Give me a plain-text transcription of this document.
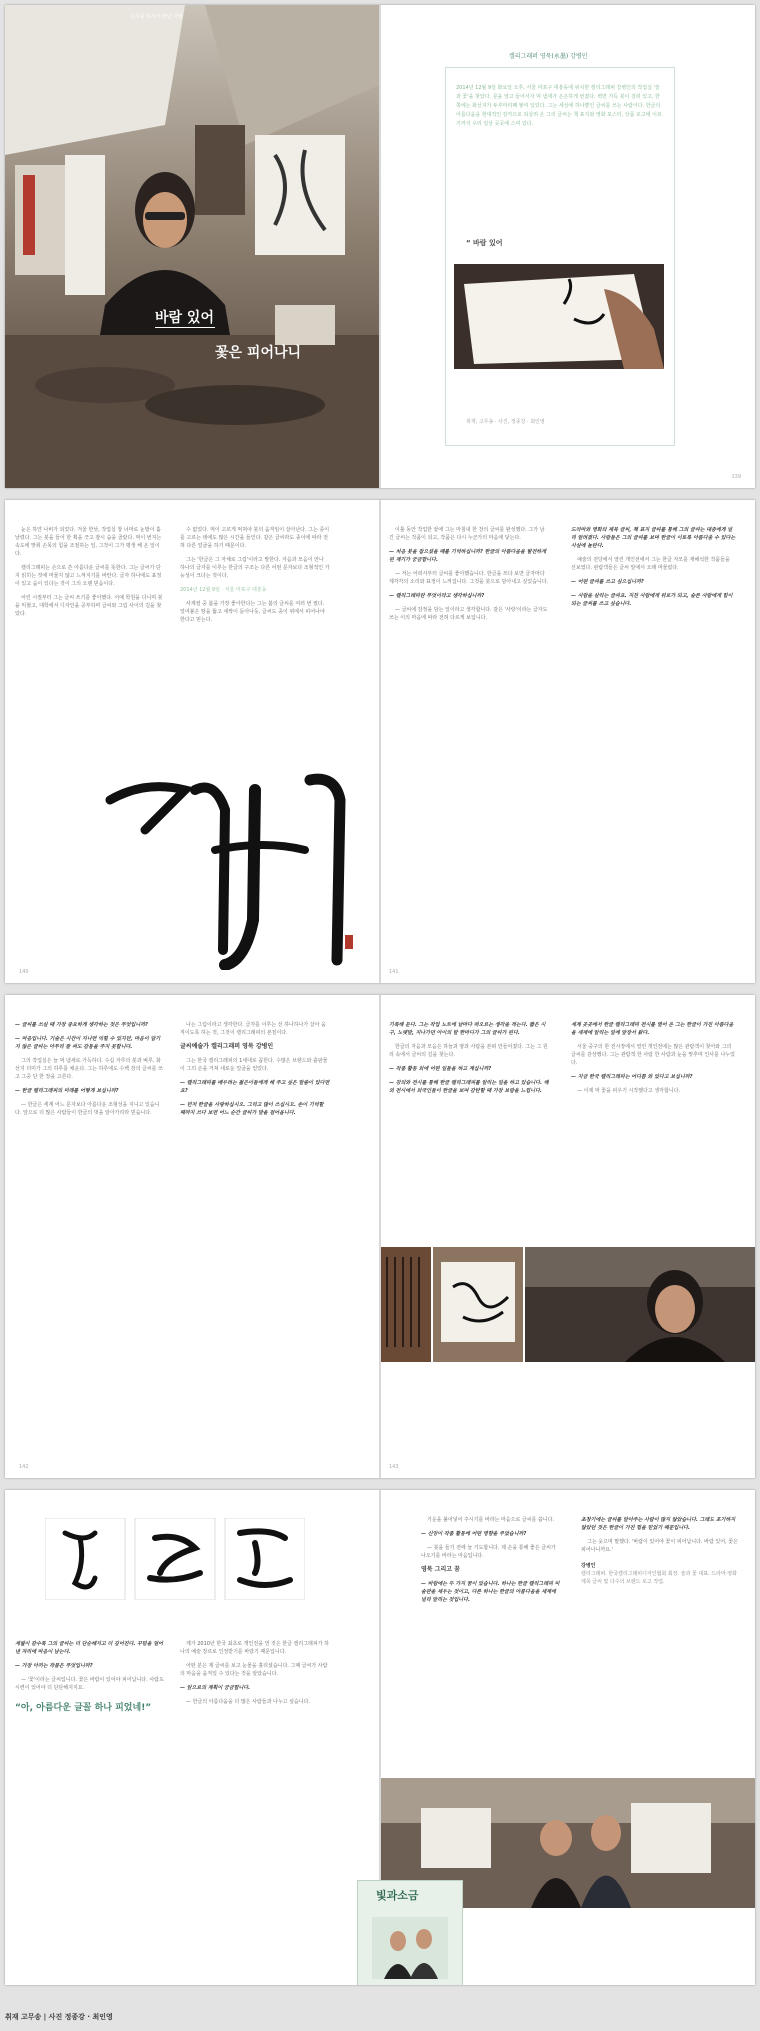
고무송 목사가 만난 사람
바람 있어
꽃은 피어나니
캘리그래퍼 영묵(永墨) 강병인
2014년 12월 9일 화요일 오후, 서울 마포구 대흥동에 위치한 캘리그래퍼 강병인의 작업실 '술과 꽃'을 찾았다. 문을 열고 들어서자 먹 냄새가 은은하게 번졌다. 벽면 가득 붓이 걸려 있고, 한쪽에는 화선지가 두루마리째 쌓여 있었다. 그는 세상에 하나뿐인 글씨를 쓰는 사람이다. 한글의 아름다움을 현대적인 감각으로 되살려 온 그의 글씨는 책 표지와 영화 포스터, 상품 로고에 이르기까지 우리 일상 곳곳에 스며 있다.
“ 바람 있어
취재, 고무송 · 사진, 정종강 · 최인영
139

눈은 하얀 나비가 되었다. 겨울 한낮, 작업실 창 너머로 눈발이 흩날렸다. 그는 붓을 들어 한 획을 긋고 잠시 숨을 골랐다. 먹이 번지는 속도에 맞춰 손목의 힘을 조절하는 일, 그것이 그가 평생 해 온 일이다.

캘리그래피는 손으로 쓴 아름다운 글씨를 뜻한다. 그는 글씨가 단지 읽히는 것에 머물지 않고 느껴지기를 바란다. 글자 하나에도 표정이 있고 숨이 있다는 것이 그의 오랜 믿음이다.

어린 시절부터 그는 글씨 쓰기를 좋아했다. 서예 학원을 다니며 붓을 익혔고, 대학에서 디자인을 공부하며 글씨와 그림 사이의 길을 찾았다.

수 없었다. 먹이 고르게 먹혀야 붓의 움직임이 살아난다. 그는 종이를 고르는 데에도 많은 시간을 들인다. 같은 글씨라도 종이에 따라 전혀 다른 얼굴을 하기 때문이다.

그는 '한글은 그 자체로 그림'이라고 말한다. 자음과 모음이 만나 하나의 글자를 이루는 한글의 구조는 다른 어떤 문자보다 조형적인 가능성이 크다는 것이다.

2014년 12월 9일 · 서울 마포구 대흥동

사계절 중 봄을 가장 좋아한다는 그는 봄의 글씨를 여러 번 썼다. 얼어붙은 땅을 뚫고 새싹이 돋아나듯, 글씨도 종이 위에서 피어나야 한다고 믿는다.

140

이틀 동안 작업한 끝에 그는 마침내 한 장의 글씨를 완성했다. 그가 남긴 글씨는 작품이 되고, 작품은 다시 누군가의 마음에 닿는다.

— 처음 붓을 잡으셨을 때를 기억하십니까? 한글의 아름다움을 발견하게 된 계기가 궁금합니다.

— 저는 어려서부터 글씨를 좋아했습니다. 한글을 쓰다 보면 글자마다 제각각의 소리와 표정이 느껴집니다. 그것을 붓으로 담아내고 싶었습니다.

— 캘리그래피란 무엇이라고 생각하십니까?

— 글씨에 감정을 담는 일이라고 생각합니다. 같은 '사랑'이라는 글자도 쓰는 이의 마음에 따라 전혀 다르게 보입니다.

드라마와 영화의 제목 글씨, 책 표지 글씨를 통해 그의 글씨는 대중에게 널리 알려졌다. 사람들은 그의 글씨를 보며 한글이 이토록 아름다울 수 있다는 사실에 놀란다.

예술의 전당에서 열린 개인전에서 그는 한글 자모를 재해석한 작품들을 선보였다. 관람객들은 글씨 앞에서 오래 머물렀다.

— 어떤 글씨를 쓰고 싶으십니까?

— 사람을 살리는 글씨요. 지친 사람에게 위로가 되고, 슬픈 사람에게 힘이 되는 글씨를 쓰고 싶습니다.

141

— 글씨를 쓰실 때 가장 중요하게 생각하는 것은 무엇입니까?

— 마음입니다. 기술은 시간이 지나면 익힐 수 있지만, 마음이 담기지 않은 글씨는 아무리 잘 써도 감동을 주지 못합니다.

그의 작업실은 늘 먹 냄새로 가득하다. 수십 자루의 붓과 벼루, 화선지 더미가 그의 하루를 채운다. 그는 하루에도 수백 장의 글씨를 쓰고 그중 단 한 장을 고른다.

— 한글 캘리그래피의 미래를 어떻게 보십니까?

— 한글은 세계 어느 문자보다 아름다운 조형성을 지니고 있습니다. 앞으로 더 많은 사람들이 한글의 멋을 알아가리라 믿습니다.

나는 그림이라고 생각한다. 글자를 이루는 선 하나하나가 살아 움직이도록 하는 것, 그것이 캘리그래피의 본질이다.

글씨예술가 캘리그래퍼 영묵 강병인

그는 한국 캘리그래피의 1세대로 꼽힌다. 수많은 브랜드와 출판물이 그의 손을 거쳐 새로운 얼굴을 얻었다.

— 캘리그래피를 배우려는 젊은이들에게 해 주고 싶은 말씀이 있다면요?

— 먼저 한글을 사랑하십시오. 그리고 많이 쓰십시오. 손이 기억할 때까지 쓰다 보면 어느 순간 글씨가 말을 걸어옵니다.

142

기록해 둔다. 그는 작업 노트에 날마다 떠오르는 생각을 적는다. 짧은 시구, 노랫말, 지나가던 아이의 말 한마디가 그의 글씨가 된다.

한글의 자음과 모음은 하늘과 땅과 사람을 본떠 만들어졌다. 그는 그 원리 속에서 글씨의 길을 찾는다.

— 작품 활동 외에 어떤 일들을 하고 계십니까?

— 강의와 전시를 통해 한글 캘리그래피를 알리는 일을 하고 있습니다. 해외 전시에서 외국인들이 한글을 보며 감탄할 때 가장 보람을 느낍니다.

세계 곳곳에서 한글 캘리그래피 전시를 열어 온 그는 한글이 가진 아름다움을 세계에 알리는 일에 앞장서 왔다.

서울 중구의 한 전시장에서 열린 개인전에는 많은 관람객이 찾아와 그의 글씨를 감상했다. 그는 관람객 한 사람 한 사람과 눈을 맞추며 인사를 나누었다.

— 지금 한국 캘리그래피는 어디쯤 와 있다고 보십니까?

— 이제 막 꽃을 피우기 시작했다고 생각합니다.

143

세월이 갈수록 그의 글씨는 더 단순해지고 더 깊어진다. 꾸밈을 덜어 낸 자리에 마음이 남는다.

— 가장 아끼는 작품은 무엇입니까?

— '꽃'이라는 글씨입니다. 꽃은 바람이 있어야 피어납니다. 사람도 시련이 있어야 더 단단해지지요.

“아, 아름다운 글꼴 하나 피었네!”

제가 2010년 한국 최초로 개인전을 연 것은 한글 캘리그래피가 하나의 예술 장르로 인정받기를 바랐기 때문입니다.

어떤 분은 제 글씨를 보고 눈물을 흘리셨습니다. 그때 글씨가 사람의 마음을 움직일 수 있다는 것을 알았습니다.

— 앞으로의 계획이 궁금합니다.

— 한글의 아름다움을 더 많은 사람들과 나누고 싶습니다.

기운을 불어넣어 주시기를 바라는 마음으로 글씨를 씁니다.

— 신앙이 작품 활동에 어떤 영향을 주었습니까?

— 붓을 들기 전에 늘 기도합니다. 제 손을 통해 좋은 글씨가 나오기를 바라는 마음입니다.

영묵 그리고 꿈

— 바람에는 두 가지 꿈이 있습니다. 하나는 한글 캘리그래피 미술관을 세우는 것이고, 다른 하나는 한글의 아름다움을 세계에 널리 알리는 것입니다.

초창기에는 글씨를 알아주는 사람이 많지 않았습니다. 그래도 포기하지 않았던 것은 한글이 가진 힘을 믿었기 때문입니다.

그는 웃으며 말했다. '바람이 있어야 꽃이 피어납니다. 바람 있어, 꽃은 피어나니까요.'

강병인
캘리그래퍼. 한국캘리그래피디자인협회 회장. 술과 꽃 대표. 드라마·영화 제목 글씨 및 다수의 브랜드 로고 작업.
빛과소금
취재 고무송 | 사진 정종강 · 최인영
